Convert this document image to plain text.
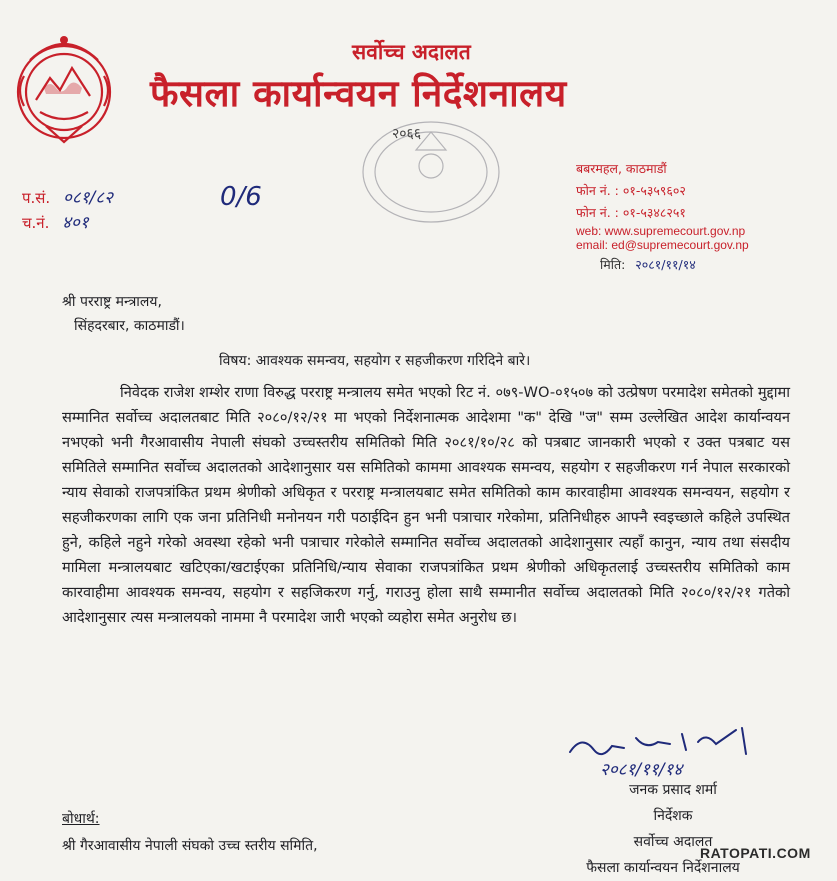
सर्वोच्च अदालत
फैसला कार्यान्वयन निर्देशनालय
२०६६
प.सं. ०८१/८२
च.नं. ४०१
0/6
बबरमहल, काठमाडौं
फोन नं. : ०१-५३५९६०२
फोन नं. : ०१-५३४८२५१
web: www.supremecourt.gov.np
email: ed@supremecourt.gov.np
मिति: २०८१/११/१४
श्री परराष्ट्र मन्त्रालय,
सिंहदरबार, काठमाडौं।
विषय: आवश्यक समन्वय, सहयोग र सहजीकरण गरिदिने बारे।

निवेदक राजेश शम्शेर राणा विरुद्ध परराष्ट्र मन्त्रालय समेत भएको रिट नं. ०७९-WO-०१५०७ को उत्प्रेषण परमादेश समेतको मुद्दामा सम्मानित सर्वोच्च अदालतबाट मिति २०८०/१२/२१ मा भएको निर्देशनात्मक आदेशमा "क" देखि "ज" सम्म उल्लेखित आदेश कार्यान्वयन नभएको भनी गैरआवासीय नेपाली संघको उच्चस्तरीय समितिको मिति २०८१/१०/२८ को पत्रबाट जानकारी भएको र उक्त पत्रबाट यस समितिले सम्मानित सर्वोच्च अदालतको आदेशानुसार यस समितिको काममा आवश्यक समन्वय, सहयोग र सहजीकरण गर्न नेपाल सरकारको न्याय सेवाको राजपत्रांकित प्रथम श्रेणीको अधिकृत र परराष्ट्र मन्त्रालयबाट समेत समितिको काम कारवाहीमा आवश्यक समन्वयन, सहयोग र सहजीकरणका लागि एक जना प्रतिनिधी मनोनयन गरी पठाईदिन हुन भनी पत्राचार गरेकोमा, प्रतिनिधीहरु आफ्नै स्वइच्छाले कहिले उपस्थित हुने, कहिले नहुने गरेको अवस्था रहेको भनी पत्राचार गरेकोले सम्मानित सर्वोच्च अदालतको आदेशानुसार त्यहाँ कानुन, न्याय तथा संसदीय मामिला मन्त्रालयबाट खटिएका/खटाईएका प्रतिनिधि/न्याय सेवाका राजपत्रांकित प्रथम श्रेणीको अधिकृतलाई उच्चस्तरीय समितिको काम कारवाहीमा आवश्यक समन्वय, सहयोग र सहजिकरण गर्नु, गराउनु होला साथै सम्मानीत सर्वोच्च अदालतको मिति २०८०/१२/२१ गतेको आदेशानुसार त्यस मन्त्रालयको नाममा नै परमादेश जारी भएको व्यहोरा समेत अनुरोध छ।

२०८१/११/१४
जनक प्रसाद शर्मा
निर्देशक
सर्वोच्च अदालत
फैसला कार्यान्वयन निर्देशनालय
बोधार्थ:
श्री गैरआवासीय नेपाली संघको उच्च स्तरीय समिति,	RATOPATI.COM
